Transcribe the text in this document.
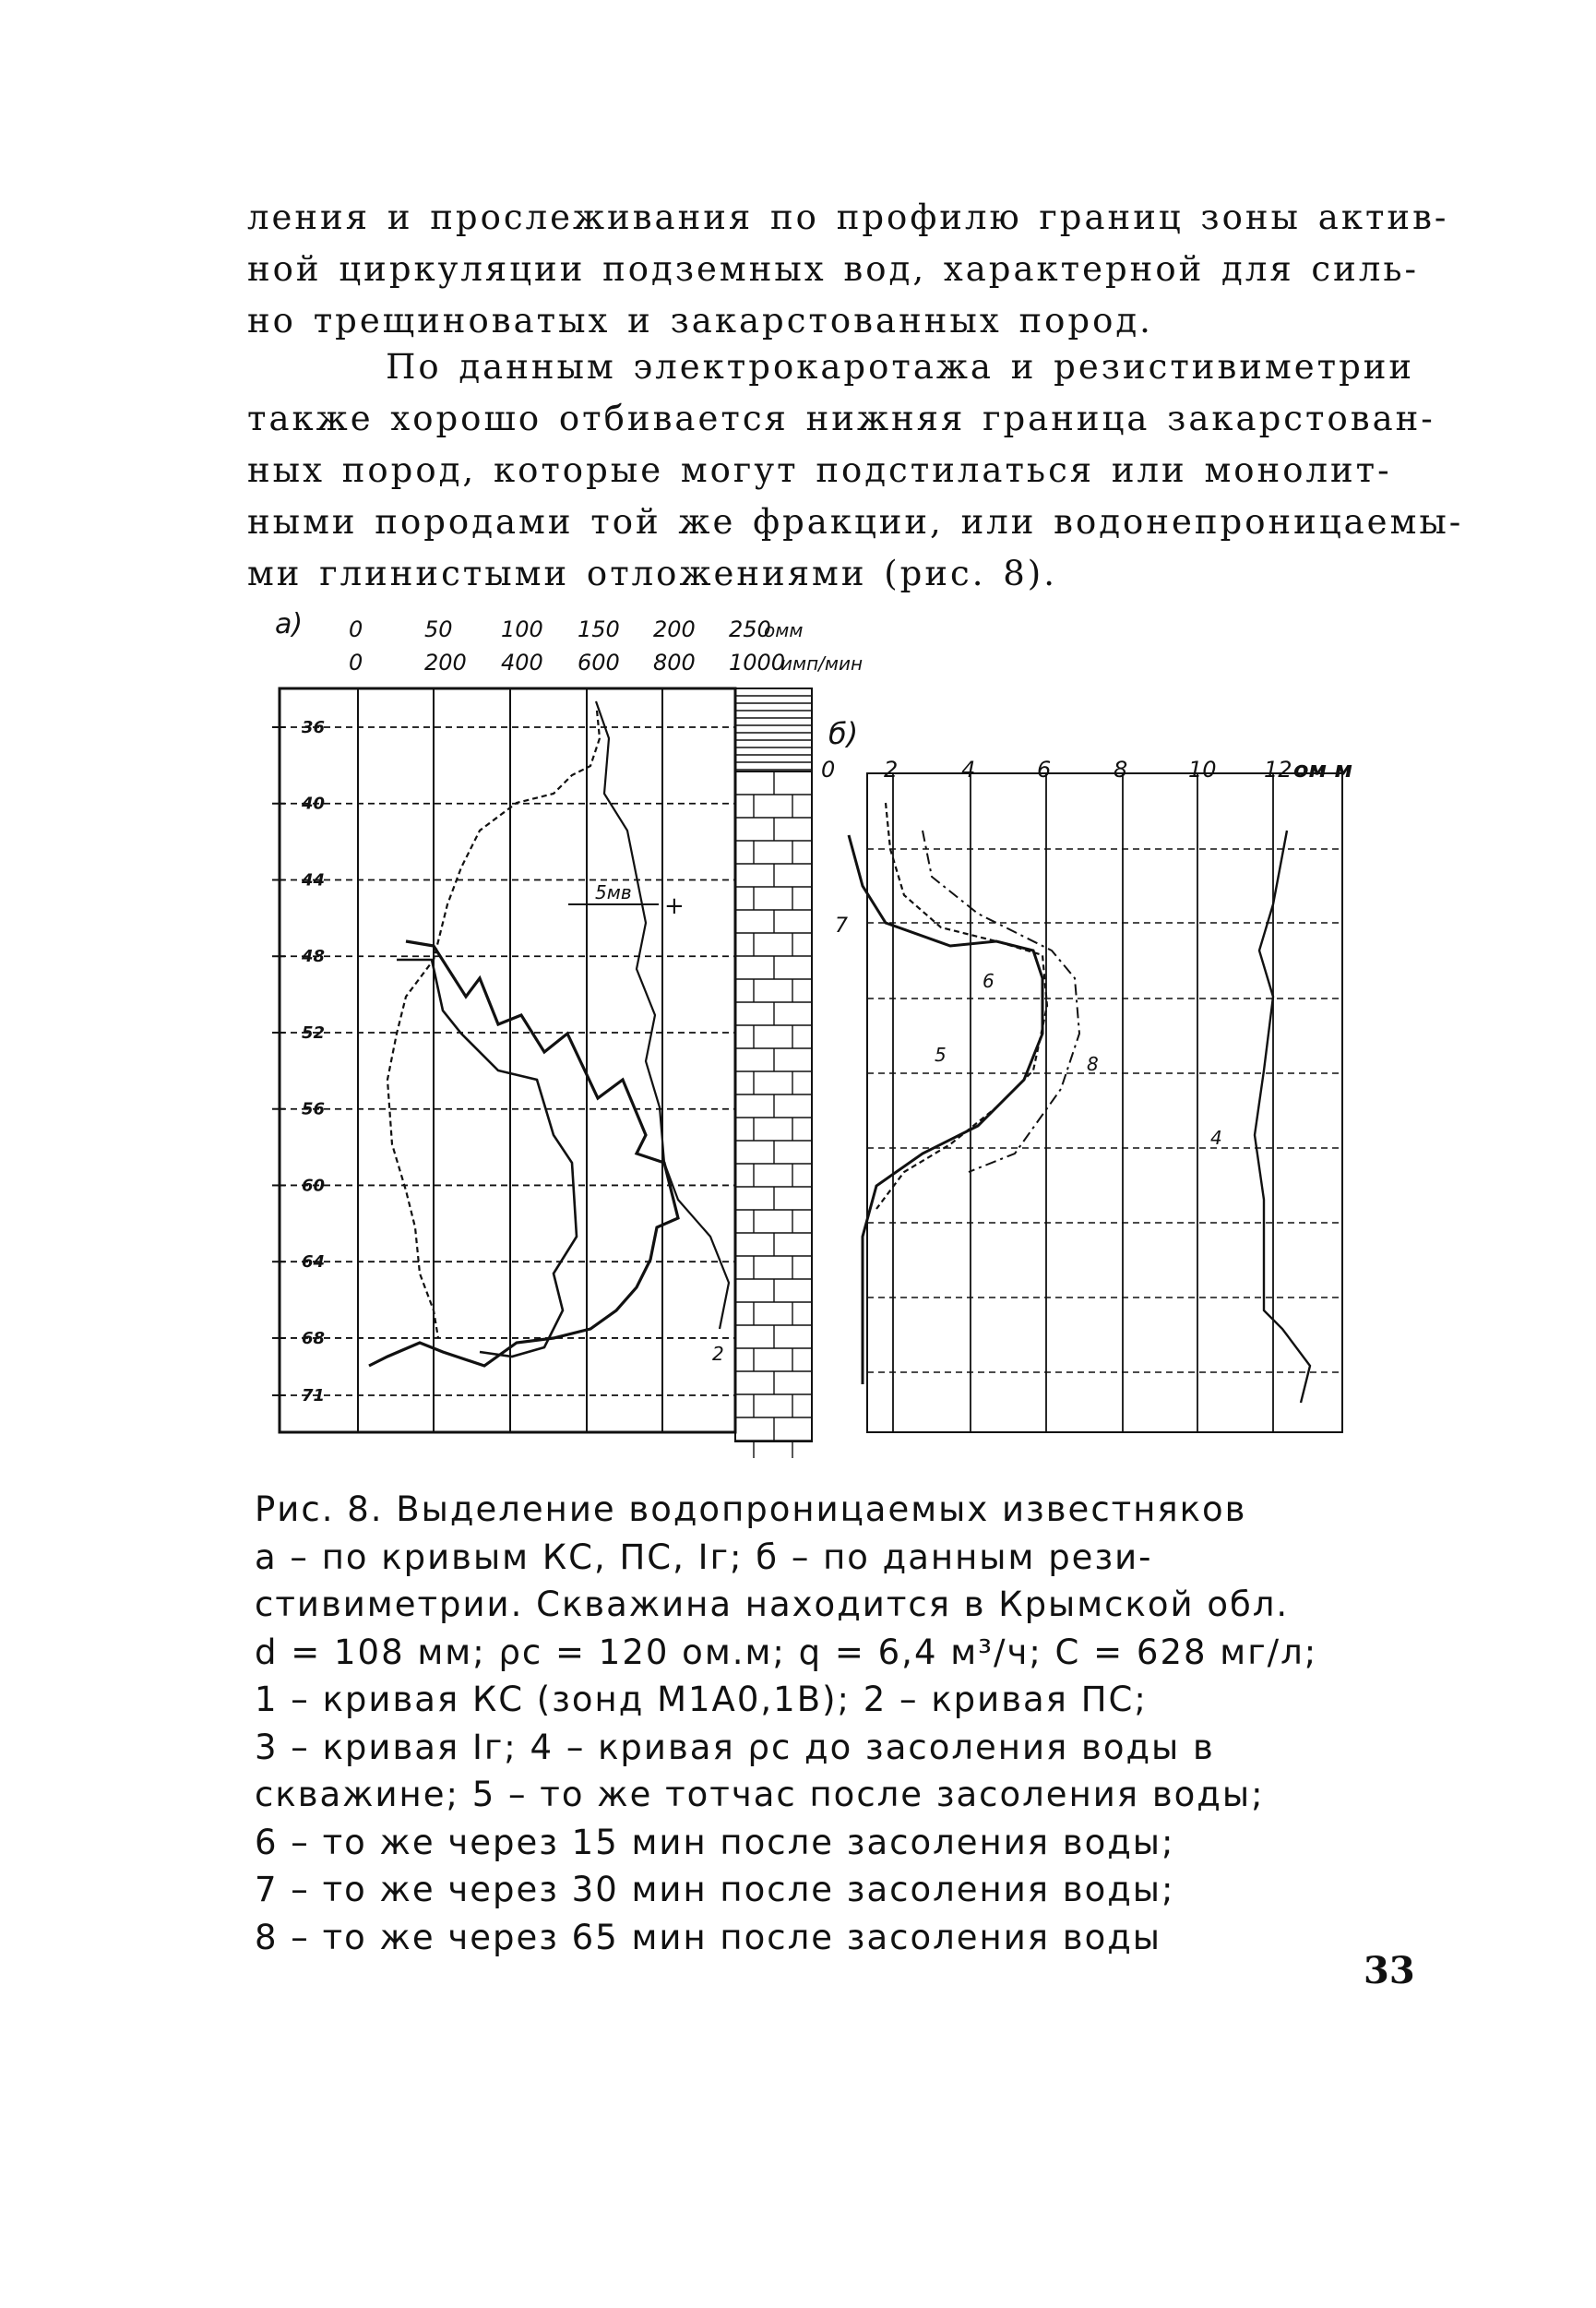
ления и прослеживания по профилю границ зоны актив-
ной циркуляции подземных вод, характерной для силь-
но трещиноватых и закарстованных пород.
По данным электрокаротажа и резистивиметрии
также хорошо отбивается нижняя граница закарстован-
ных пород, которые могут подстилаться или монолит-
ными породами той же фракции, или водонепроницаемы-
ми глинистыми отложениями (рис. 8).
36
40
44
48
52
56
60
64
68
71
а) 0	50 100 150 200 250
омм
0	200 400 600 800 1000
имп/мин
5мв +
2
б)
0 2	4	6	8	10 12 ом м
7
6
5	8
4
Рис. 8. Выделение водопроницаемых известняков
а – по кривым КС, ПС, Iг; б – по данным рези-
стивиметрии. Скважина находится в Крымской обл.
d = 108 мм; ρc = 120 ом.м; q = 6,4 м³/ч; С = 628 мг/л;
1 – кривая КС (зонд М1А0,1В); 2 – кривая ПС;
3 – кривая Iг; 4 – кривая ρc до засоления воды в
скважине; 5 – то же тотчас после засоления воды;
6 – то же через 15 мин после засоления воды;
7 – то же через 30 мин после засоления воды;
8 – то же через 65 мин после засоления воды
33
